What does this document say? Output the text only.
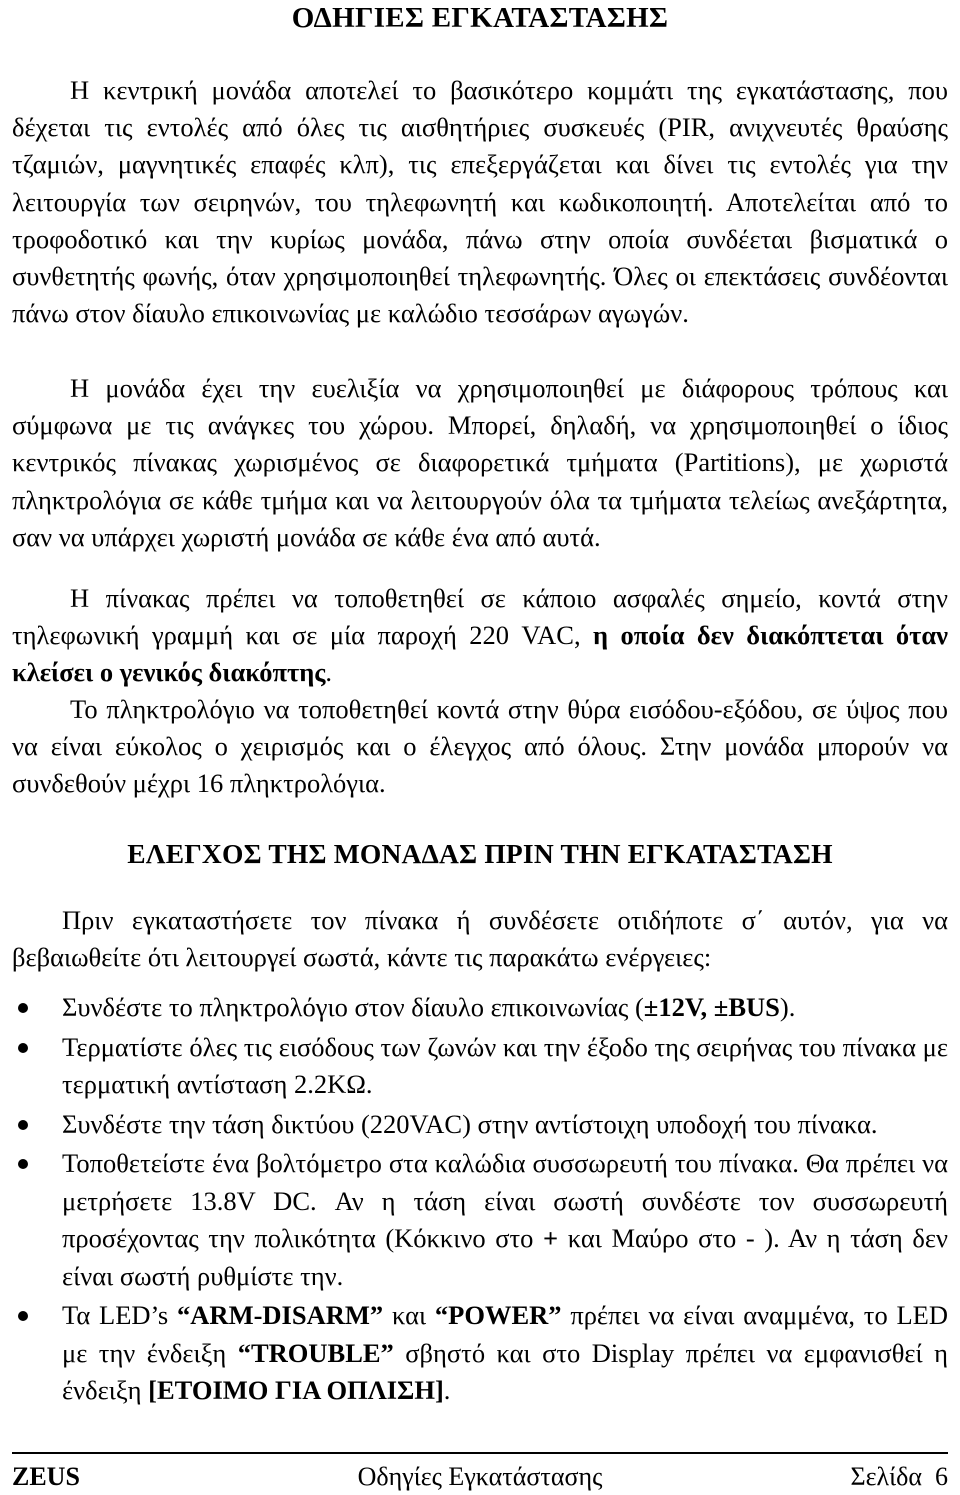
ΟΔΗΓΙΕΣ ΕΓΚΑΤΑΣΤΑΣΗΣ

Η κεντρική μονάδα αποτελεί το βασικότερο κομμάτι της εγκατάστασης, που δέχεται τις εντολές από όλες τις αισθητήριες συσκευές (PIR, ανιχνευτές θραύσης τζαμιών, μαγνητικές επαφές κλπ), τις επεξεργάζεται και δίνει τις εντολές για την λειτουργία των σειρηνών, του τηλεφωνητή και κωδικοποιητή. Αποτελείται από το τροφοδοτικό και την κυρίως μονάδα, πάνω στην οποία συνδέεται βισματικά ο συνθετητής φωνής, όταν χρησιμοποιηθεί τηλεφωνητής. Όλες οι επεκτάσεις συνδέονται πάνω στον δίαυλο επικοινωνίας με καλώδιο τεσσάρων αγωγών.

Η μονάδα έχει την ευελιξία να χρησιμοποιηθεί με διάφορους τρόπους και σύμφωνα με τις ανάγκες του χώρου. Μπορεί, δηλαδή, να χρησιμοποιηθεί ο ίδιος κεντρικός πίνακας χωρισμένος σε διαφορετικά τμήματα (Partitions), με χωριστά πληκτρολόγια σε κάθε τμήμα και να λειτουργούν όλα τα τμήματα τελείως ανεξάρτητα, σαν να υπάρχει χωριστή μονάδα σε κάθε ένα από αυτά.

Η πίνακας πρέπει να τοποθετηθεί σε κάποιο ασφαλές σημείο, κοντά στην τηλεφωνική γραμμή και σε μία παροχή 220 VAC, η οποία δεν διακόπτεται όταν κλείσει ο γενικός διακόπτης.

Το πληκτρολόγιο να τοποθετηθεί κοντά στην θύρα εισόδου-εξόδου, σε ύψος που να είναι εύκολος ο χειρισμός και ο έλεγχος από όλους. Στην μονάδα μπορούν να συνδεθούν μέχρι 16 πληκτρολόγια.

ΕΛΕΓΧΟΣ ΤΗΣ ΜΟΝΑΔΑΣ ΠΡΙΝ ΤΗΝ ΕΓΚΑΤΑΣΤΑΣΗ

Πριν εγκαταστήσετε τον πίνακα ή συνδέσετε οτιδήποτε σ΄ αυτόν, για να βεβαιωθείτε ότι λειτουργεί σωστά, κάντε τις παρακάτω ενέργειες:

Συνδέστε το πληκτρολόγιο στον δίαυλο επικοινωνίας (±12V, ±BUS).
Τερματίστε όλες τις εισόδους των ζωνών και την έξοδο της σειρήνας του πίνακα με τερματική αντίσταση 2.2ΚΩ.
Συνδέστε την τάση δικτύου (220VAC) στην αντίστοιχη υποδοχή του πίνακα.
Τοποθετείστε ένα βολτόμετρο στα καλώδια συσσωρευτή του πίνακα. Θα πρέπει να μετρήσετε 13.8V DC. Αν η τάση είναι σωστή συνδέστε τον συσσωρευτή προσέχοντας την πολικότητα (Κόκκινο στο + και Μαύρο στο - ). Αν η τάση δεν είναι σωστή ρυθμίστε την.
Τα LED’s “ARM-DISARM” και “POWER” πρέπει να είναι αναμμένα, το LED με την ένδειξη “TROUBLE” σβηστό και στο Display πρέπει να εμφανισθεί η ένδειξη [ΕΤΟΙΜΟ ΓΙΑ ΟΠΛΙΣΗ].
Οδηγίες Εγκατάστασης
ZEUS	Σελίδα  6
